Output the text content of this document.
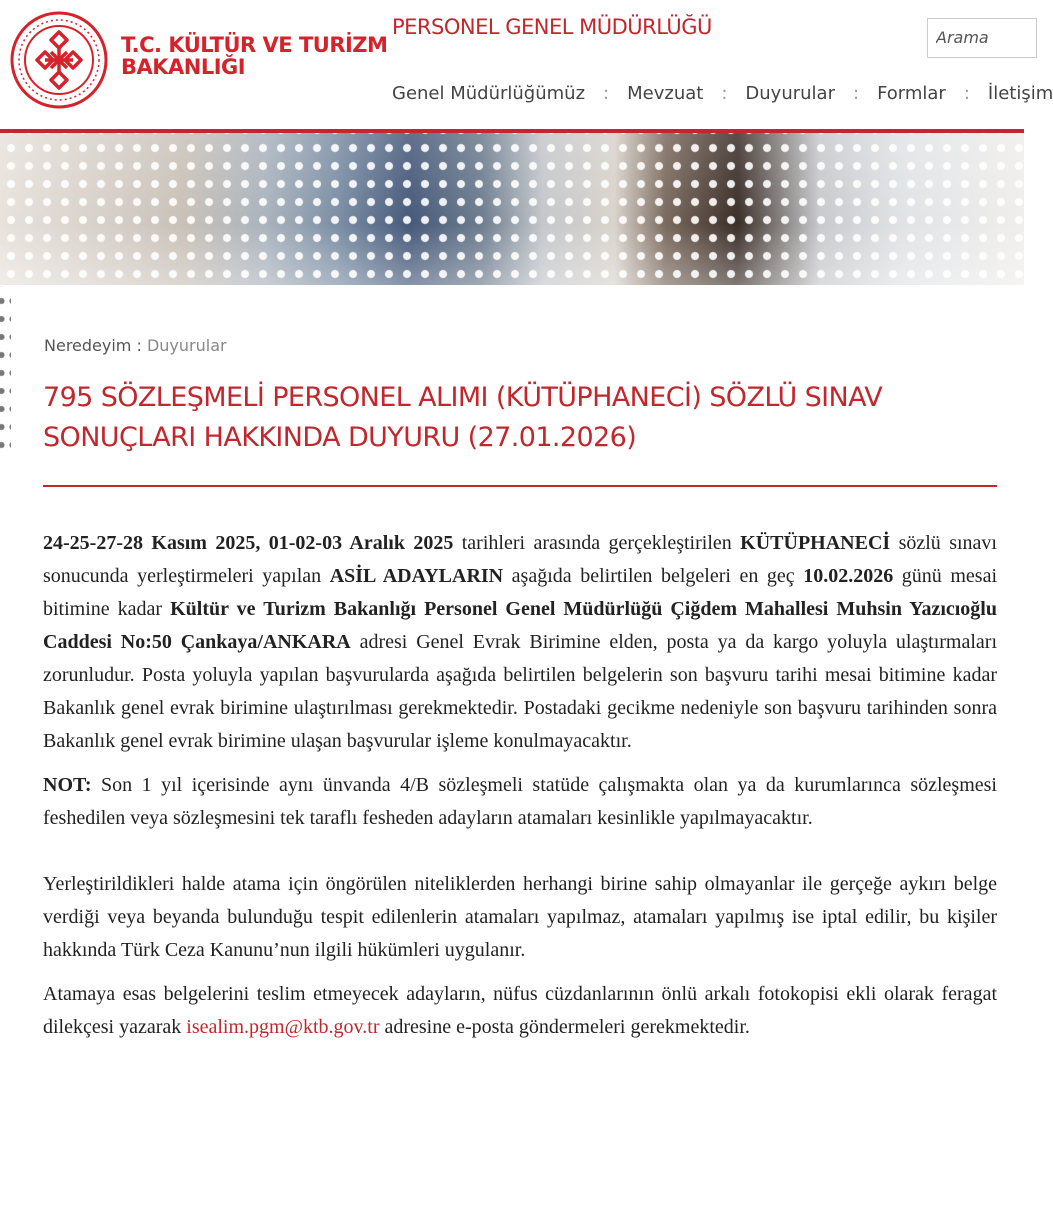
T.C. KÜLTÜR VE TURİZM
BAKANLIĞI
PERSONEL GENEL MÜDÜRLÜĞÜ
Arama
Genel Müdürlüğümüz : Mevzuat : Duyurular : Formlar : İletişim
Neredeyim : Duyurular
795 SÖZLEŞMELİ PERSONEL ALIMI (KÜTÜPHANECİ) SÖZLÜ SINAV SONUÇLARI HAKKINDA DUYURU (27.01.2026)

24-25-27-28 Kasım 2025, 01-02-03 Aralık 2025 tarihleri arasında gerçekleştirilen KÜTÜPHANECİ sözlü sınavı sonucunda yerleştirmeleri yapılan ASİL ADAYLARIN aşağıda belirtilen belgeleri en geç 10.02.2026 günü mesai bitimine kadar Kültür ve Turizm Bakanlığı Personel Genel Müdürlüğü Çiğdem Mahallesi Muhsin Yazıcıoğlu Caddesi No:50 Çankaya/ANKARA adresi Genel Evrak Birimine elden, posta ya da kargo yoluyla ulaştırmaları zorunludur. Posta yoluyla yapılan başvurularda aşağıda belirtilen belgelerin son başvuru tarihi mesai bitimine kadar Bakanlık genel evrak birimine ulaştırılması gerekmektedir. Postadaki gecikme nedeniyle son başvuru tarihinden sonra Bakanlık genel evrak birimine ulaşan başvurular işleme konulmayacaktır.

NOT: Son 1 yıl içerisinde aynı ünvanda 4/B sözleşmeli statüde çalışmakta olan ya da kurumlarınca sözleşmesi feshedilen veya sözleşmesini tek taraflı fesheden adayların atamaları kesinlikle yapılmayacaktır.

Yerleştirildikleri halde atama için öngörülen niteliklerden herhangi birine sahip olmayanlar ile gerçeğe aykırı belge verdiği veya beyanda bulunduğu tespit edilenlerin atamaları yapılmaz, atamaları yapılmış ise iptal edilir, bu kişiler hakkında Türk Ceza Kanunu’nun ilgili hükümleri uygulanır.

Atamaya esas belgelerini teslim etmeyecek adayların, nüfus cüzdanlarının önlü arkalı fotokopisi ekli olarak feragat dilekçesi yazarak isealim.pgm@ktb.gov.tr adresine e-posta göndermeleri gerekmektedir.
